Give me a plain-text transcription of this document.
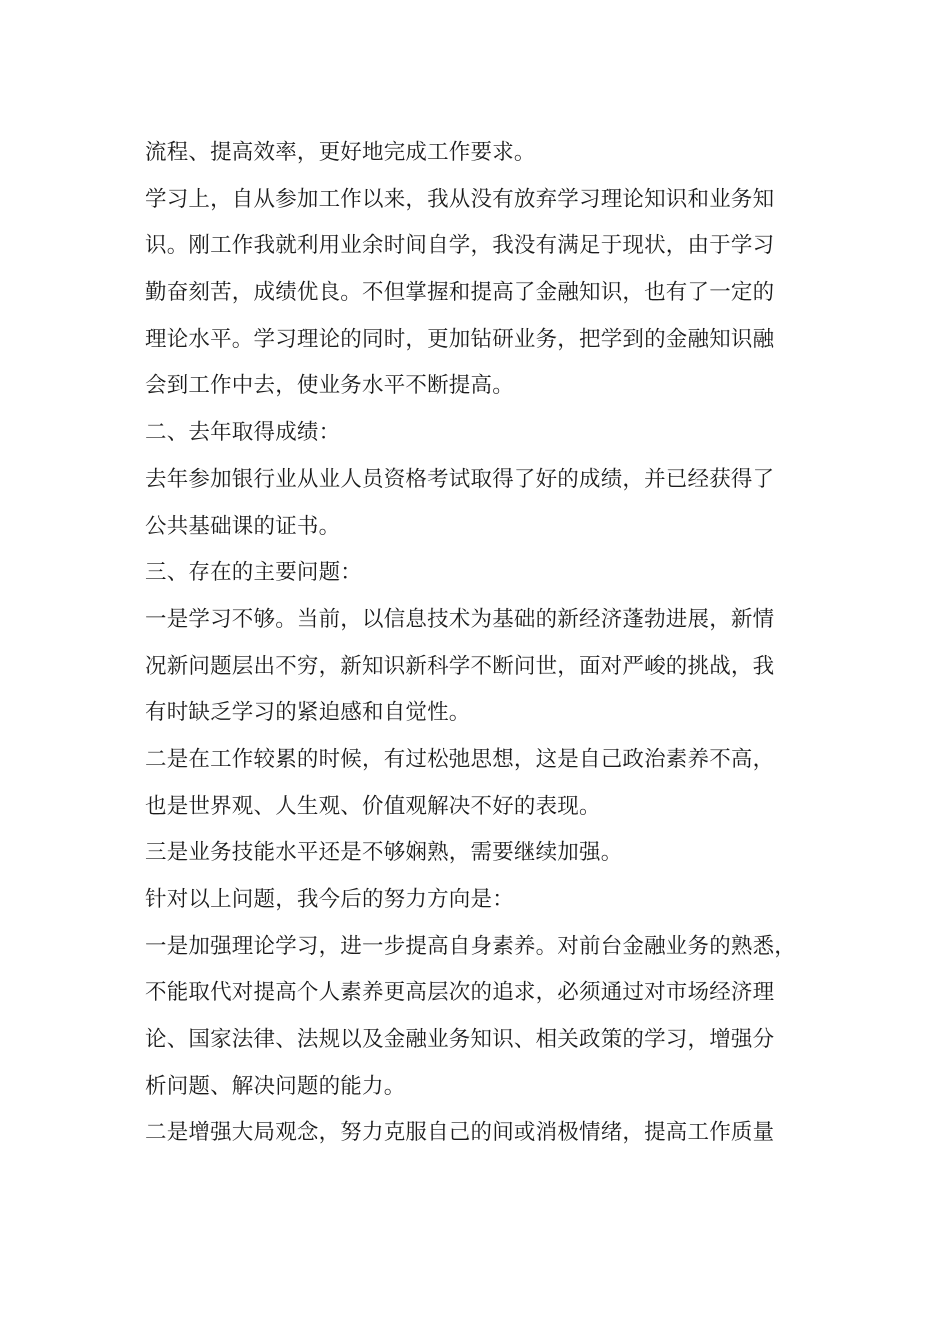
流程、提高效率，更好地完成工作要求。
学习上，自从参加工作以来，我从没有放弃学习理论知识和业务知
识。刚工作我就利用业余时间自学，我没有满足于现状，由于学习
勤奋刻苦，成绩优良。不但掌握和提高了金融知识，也有了一定的
理论水平。学习理论的同时，更加钻研业务，把学到的金融知识融
会到工作中去，使业务水平不断提高。
二、去年取得成绩：
去年参加银行业从业人员资格考试取得了好的成绩，并已经获得了
公共基础课的证书。
三、存在的主要问题：
一是学习不够。当前，以信息技术为基础的新经济蓬勃进展，新情
况新问题层出不穷，新知识新科学不断问世，面对严峻的挑战，我
有时缺乏学习的紧迫感和自觉性。
二是在工作较累的时候，有过松弛思想，这是自己政治素养不高，
也是世界观、人生观、价值观解决不好的表现。
三是业务技能水平还是不够娴熟，需要继续加强。
针对以上问题，我今后的努力方向是：
一是加强理论学习，进一步提高自身素养。对前台金融业务的熟悉，
不能取代对提高个人素养更高层次的追求，必须通过对市场经济理
论、国家法律、法规以及金融业务知识、相关政策的学习，增强分
析问题、解决问题的能力。
二是增强大局观念，努力克服自己的间或消极情绪，提高工作质量
